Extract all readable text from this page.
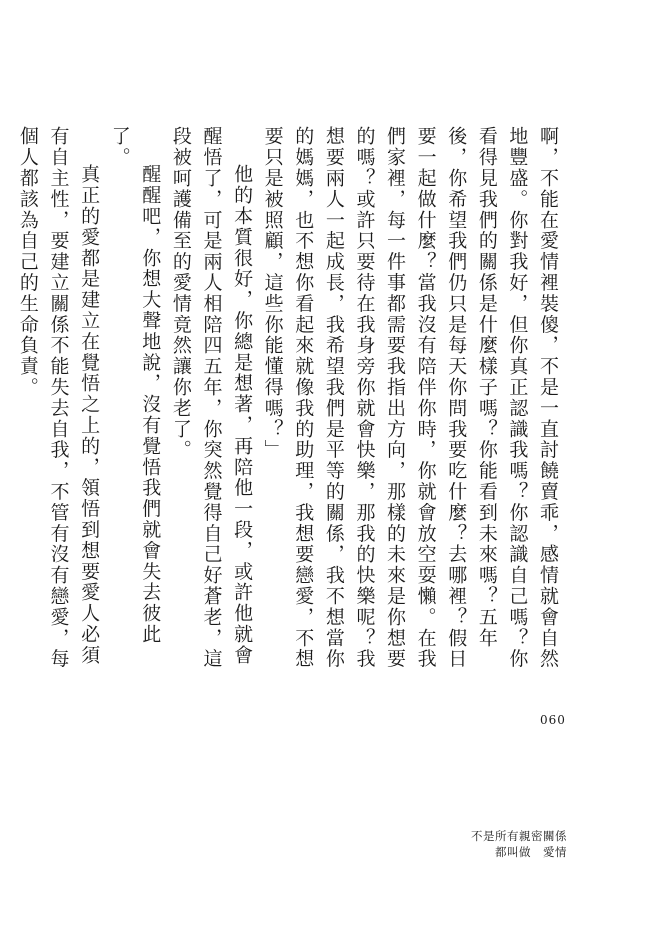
啊，不能在愛情裡裝傻，不是一直討饒賣乖，感情就會自然地豐盛。你對我好，但你真正認識我嗎？你認識自己嗎？你看得見我們的關係是什麼樣子嗎？你能看到未來嗎？五年後，你希望我們仍只是每天你問我要吃什麼？去哪裡？假日要一起做什麼？當我沒有陪伴你時，你就會放空耍懶。在我們家裡，每一件事都需要我指出方向，那樣的未來是你想要的嗎？或許只要待在我身旁你就會快樂，那我的快樂呢？我想要兩人一起成長，我希望我們是平等的關係，我不想當你的媽媽，也不想你看起來就像我的助理，我想要戀愛，不想要只是被照顧，這些你能懂得嗎？」

他的本質很好，你總是想著，再陪他一段，或許他就會醒悟了，可是兩人相陪四五年，你突然覺得自己好蒼老，這段被呵護備至的愛情竟然讓你老了。

醒醒吧，你想大聲地說，沒有覺悟我們就會失去彼此了。

真正的愛都是建立在覺悟之上的，領悟到想要愛人必須有自主性，要建立關係不能失去自我，不管有沒有戀愛，每個人都該為自己的生命負責。

060
不是所有親密關係
都叫做　愛情
